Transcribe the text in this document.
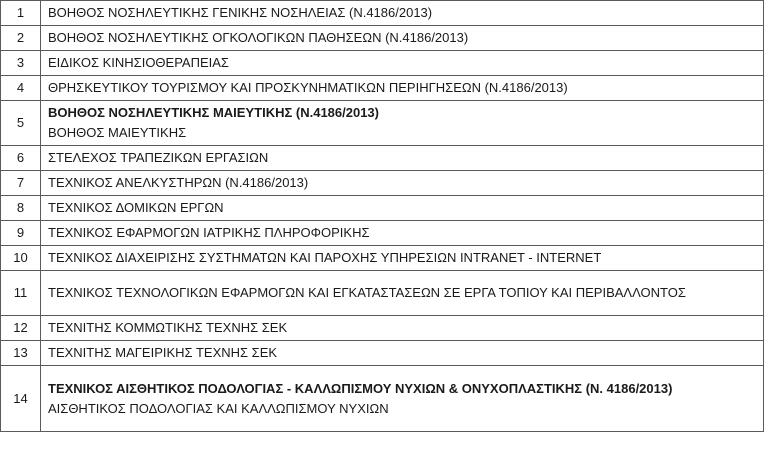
1	ΒΟΗΘΟΣ ΝΟΣΗΛΕΥΤΙΚΗΣ ΓΕΝΙΚΗΣ ΝΟΣΗΛΕΙΑΣ (Ν.4186/2013)
2	ΒΟΗΘΟΣ ΝΟΣΗΛΕΥΤΙΚΗΣ ΟΓΚΟΛΟΓΙΚΩΝ ΠΑΘΗΣΕΩΝ (Ν.4186/2013)
3	ΕΙΔΙΚΟΣ ΚΙΝΗΣΙΟΘΕΡΑΠΕΙΑΣ
4	ΘΡΗΣΚΕΥΤΙΚΟΥ ΤΟΥΡΙΣΜΟΥ ΚΑΙ ΠΡΟΣΚΥΝΗΜΑΤΙΚΩΝ ΠΕΡΙΗΓΗΣΕΩΝ (Ν.4186/2013)
5	ΒΟΗΘΟΣ ΝΟΣΗΛΕΥΤΙΚΗΣ ΜΑΙΕΥΤΙΚΗΣ (Ν.4186/2013)
ΒΟΗΘΟΣ ΜΑΙΕΥΤΙΚΗΣ

6	ΣΤΕΛΕΧΟΣ ΤΡΑΠΕΖΙΚΩΝ ΕΡΓΑΣΙΩΝ
7	ΤΕΧΝΙΚΟΣ ΑΝΕΛΚΥΣΤΗΡΩΝ (Ν.4186/2013)
8	ΤΕΧΝΙΚΟΣ ΔΟΜΙΚΩΝ ΕΡΓΩΝ
9	ΤΕΧΝΙΚΟΣ ΕΦΑΡΜΟΓΩΝ ΙΑΤΡΙΚΗΣ ΠΛΗΡΟΦΟΡΙΚΗΣ
10	ΤΕΧΝΙΚΟΣ ΔΙΑΧΕΙΡΙΣΗΣ ΣΥΣΤΗΜΑΤΩΝ ΚΑΙ ΠΑΡΟΧΗΣ ΥΠΗΡΕΣΙΩΝ INTRANET - INTERNET
11	ΤΕΧΝΙΚΟΣ ΤΕΧΝΟΛΟΓΙΚΩΝ ΕΦΑΡΜΟΓΩΝ ΚΑΙ ΕΓΚΑΤΑΣΤΑΣΕΩΝ ΣΕ ΕΡΓΑ ΤΟΠΙΟΥ ΚΑΙ ΠΕΡΙΒΑΛΛΟΝΤΟΣ
12	ΤΕΧΝΙΤΗΣ ΚΟΜΜΩΤΙΚΗΣ ΤΕΧΝΗΣ ΣΕΚ
13	ΤΕΧΝΙΤΗΣ ΜΑΓΕΙΡΙΚΗΣ ΤΕΧΝΗΣ ΣΕΚ
14	ΤΕΧΝΙΚΟΣ ΑΙΣΘΗΤΙΚΟΣ ΠΟΔΟΛΟΓΙΑΣ - ΚΑΛΛΩΠΙΣΜΟΥ ΝΥΧΙΩΝ & ΟΝΥΧΟΠΛΑΣΤΙΚΗΣ (Ν. 4186/2013)
ΑΙΣΘΗΤΙΚΟΣ ΠΟΔΟΛΟΓΙΑΣ ΚΑΙ ΚΑΛΛΩΠΙΣΜΟΥ ΝΥΧΙΩΝ
